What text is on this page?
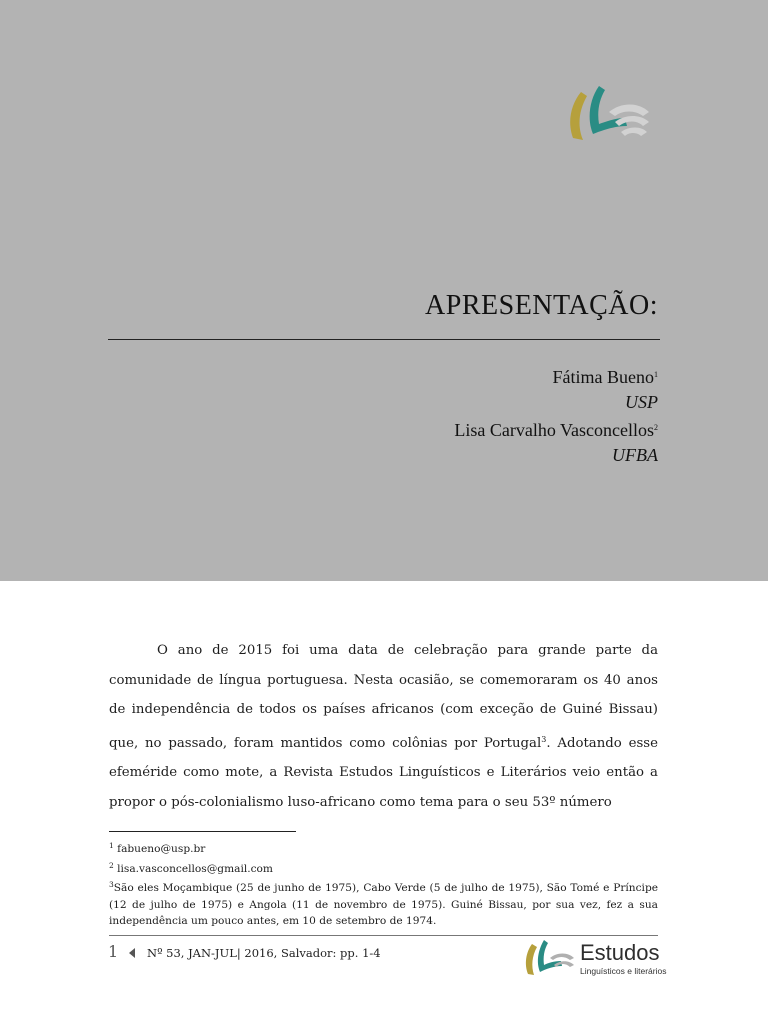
APRESENTAÇÃO:
Fátima Bueno$^1$
USP
Lisa Carvalho Vasconcellos$^2$
UFBA

O ano de 2015 foi uma data de celebração para grande parte da comunidade de língua portuguesa. Nesta ocasião, se comemoraram os 40 anos de independência de todos os países africanos (com exceção de Guiné Bissau) que, no passado, foram mantidos como colônias por Portugal$^3$. Adotando esse efeméride como mote, a Revista Estudos Linguísticos e Literários veio então a propor o pós-colonialismo luso-africano como tema para o seu 53º número

$^1$ fabueno@usp.br

$^2$ lisa.vasconcellos@gmail.com

$^3$São eles Moçambique (25 de junho de 1975), Cabo Verde (5 de julho de 1975), São Tomé e Príncipe (12 de julho de 1975) e Angola (11 de novembro de 1975). Guiné Bissau, por sua vez, fez a sua independência um pouco antes, em 10 de setembro de 1974.

1	Nº 53, JAN-JUL| 2016, Salvador: pp. 1-4	Estudos
Linguísticos e literários
